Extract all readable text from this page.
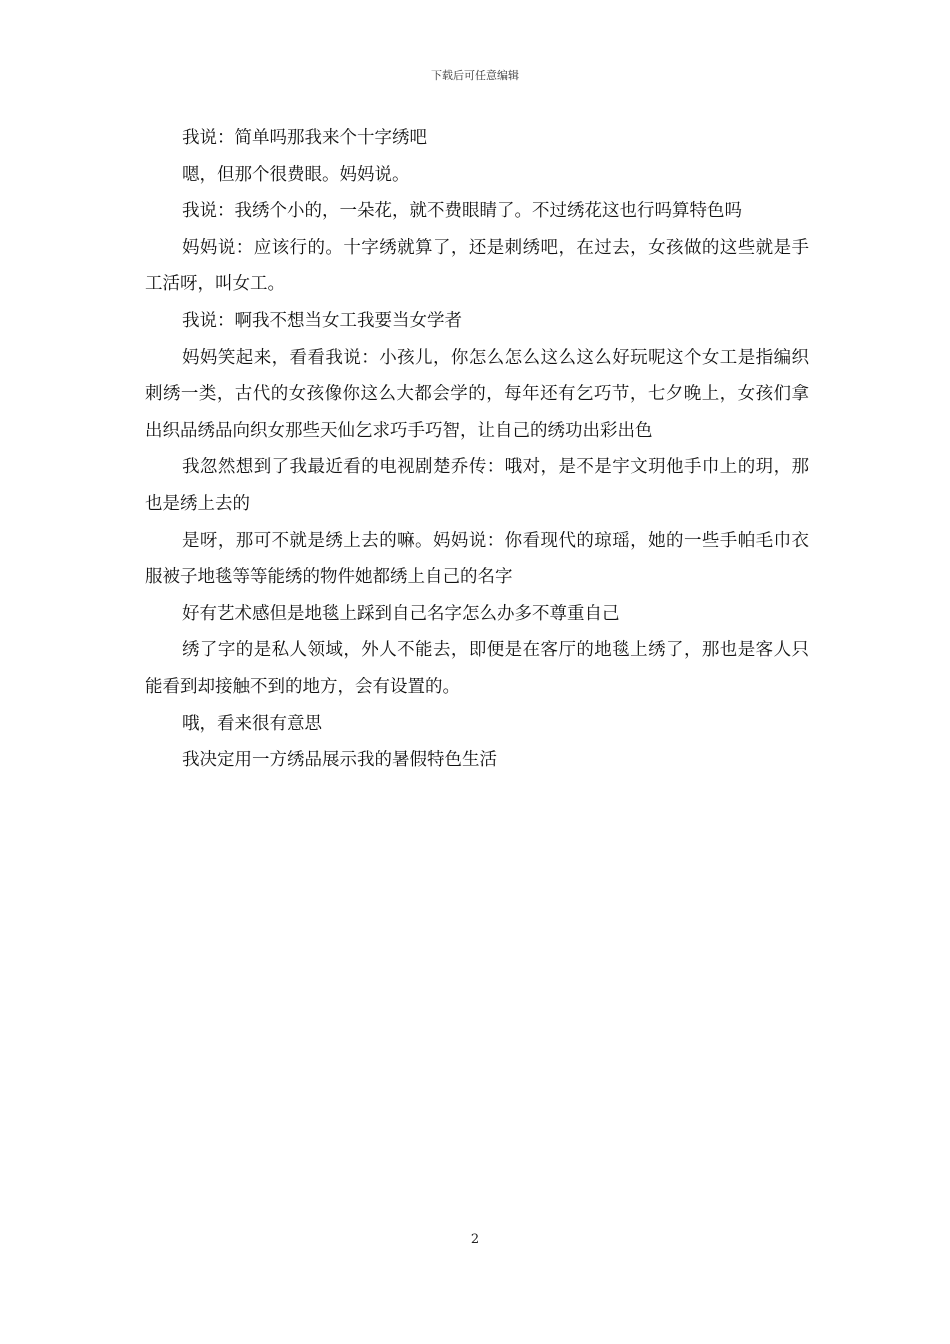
下载后可任意编辑

我说：简单吗那我来个十字绣吧

嗯，但那个很费眼。妈妈说。

我说：我绣个小的，一朵花，就不费眼睛了。不过绣花这也行吗算特色吗

妈妈说：应该行的。十字绣就算了，还是刺绣吧，在过去，女孩做的这些就是手工活呀，叫女工。

我说：啊我不想当女工我要当女学者

妈妈笑起来，看看我说：小孩儿，你怎么怎么这么这么好玩呢这个女工是指编织刺绣一类，古代的女孩像你这么大都会学的，每年还有乞巧节，七夕晚上，女孩们拿出织品绣品向织女那些天仙乞求巧手巧智，让自己的绣功出彩出色

我忽然想到了我最近看的电视剧楚乔传：哦对，是不是宇文玥他手巾上的玥，那也是绣上去的

是呀，那可不就是绣上去的嘛。妈妈说：你看现代的琼瑶，她的一些手帕毛巾衣服被子地毯等等能绣的物件她都绣上自己的名字

好有艺术感但是地毯上踩到自己名字怎么办多不尊重自己

绣了字的是私人领域，外人不能去，即便是在客厅的地毯上绣了，那也是客人只能看到却接触不到的地方，会有设置的。

哦，看来很有意思

我决定用一方绣品展示我的暑假特色生活

2
